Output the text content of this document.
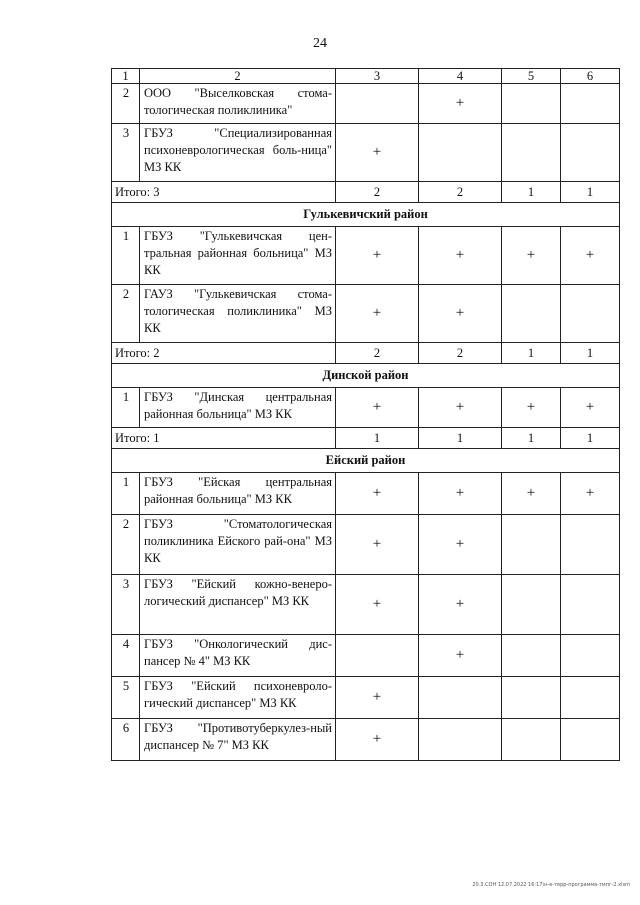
24
1	2	3	4	5	6
2	ООО "Выселковская стома-тологическая поликлиника"		+		
3	ГБУЗ "Специализированная психоневрологическая боль-ница" МЗ КК	+			
Итого: 3		2	2	1	1
Гулькевичский район					
1	ГБУЗ "Гулькевичская цен-тральная районная больница" МЗ КК	+	+	+	+
2	ГАУЗ "Гулькевичская стома-тологическая поликлиника" МЗ КК	+	+		
Итого: 2		2	2	1	1
Динской район					
1	ГБУЗ "Динская центральная районная больница" МЗ КК	+	+	+	+
Итого: 1		1	1	1	1
Ейский район					
1	ГБУЗ "Ейская центральная районная больница" МЗ КК	+	+	+	+
2	ГБУЗ "Стоматологическая поликлиника Ейского рай-она" МЗ КК	+	+		
3	ГБУЗ "Ейский кожно-венеро-логический диспансер" МЗ КК	+	+		
4	ГБУЗ "Онкологический дис-пансер № 4" МЗ КК		+		
5	ГБУЗ "Ейский психоневроло-гический диспансер" МЗ КК	+			
6	ГБУЗ "Противотуберкулез-ный диспансер № 7" МЗ КК	+			
20.3.СОН 12.07.2022 16:17\н-е-терр-программа-тмпг-2.xlsm
